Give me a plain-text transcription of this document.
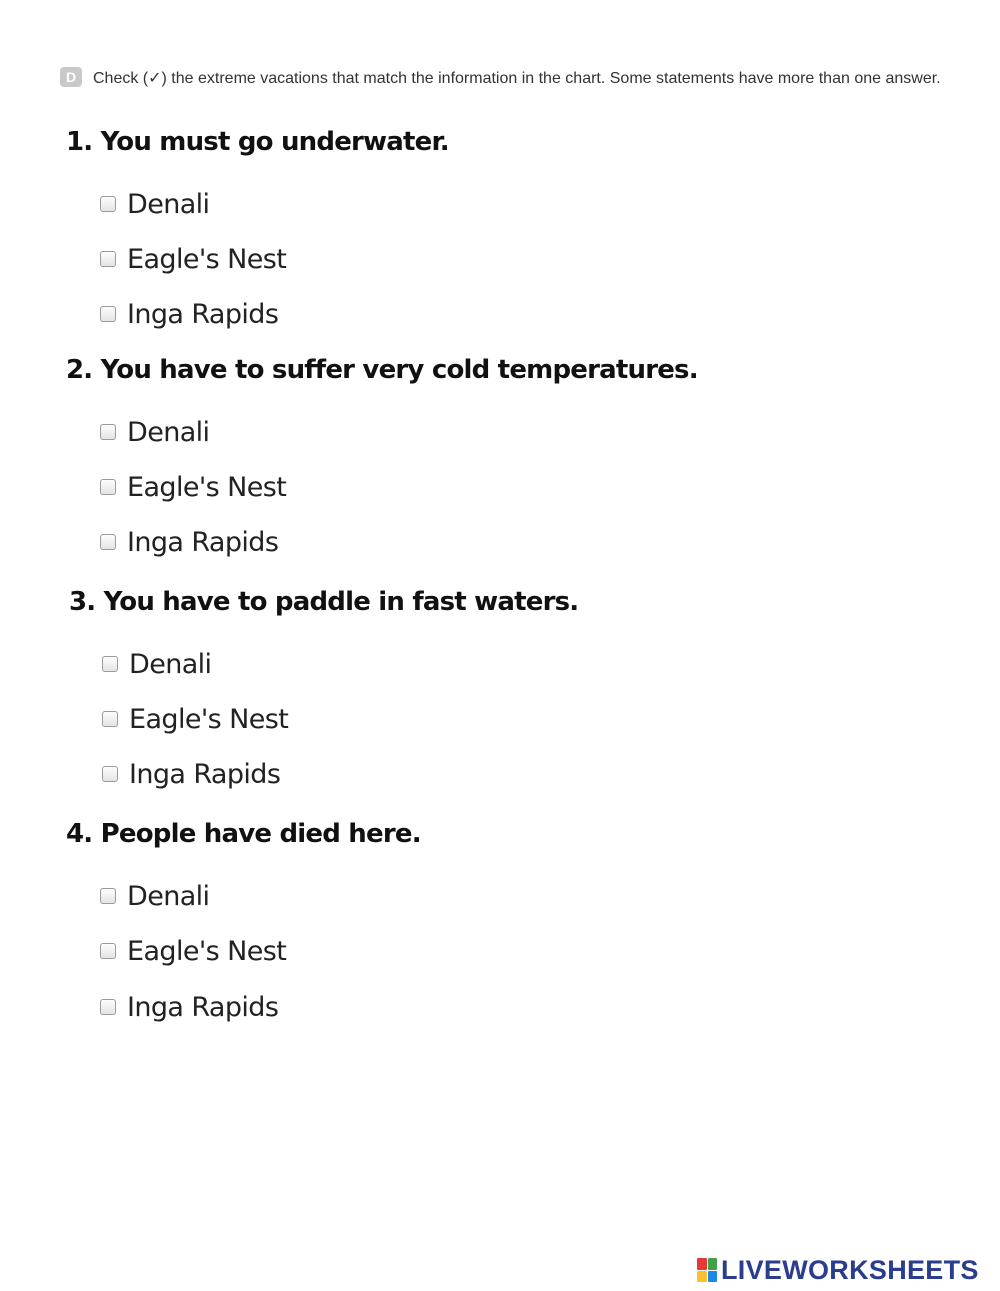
D	Check (✓) the extreme vacations that match the information in the chart. Some statements have more than one answer.
1. You must go underwater.
Denali
Eagle's Nest
Inga Rapids
2. You have to suffer very cold temperatures.
Denali
Eagle's Nest
Inga Rapids
3. You have to paddle in fast waters.
Denali
Eagle's Nest
Inga Rapids
4. People have died here.
Denali
Eagle's Nest
Inga Rapids
LIVEWORKSHEETS
